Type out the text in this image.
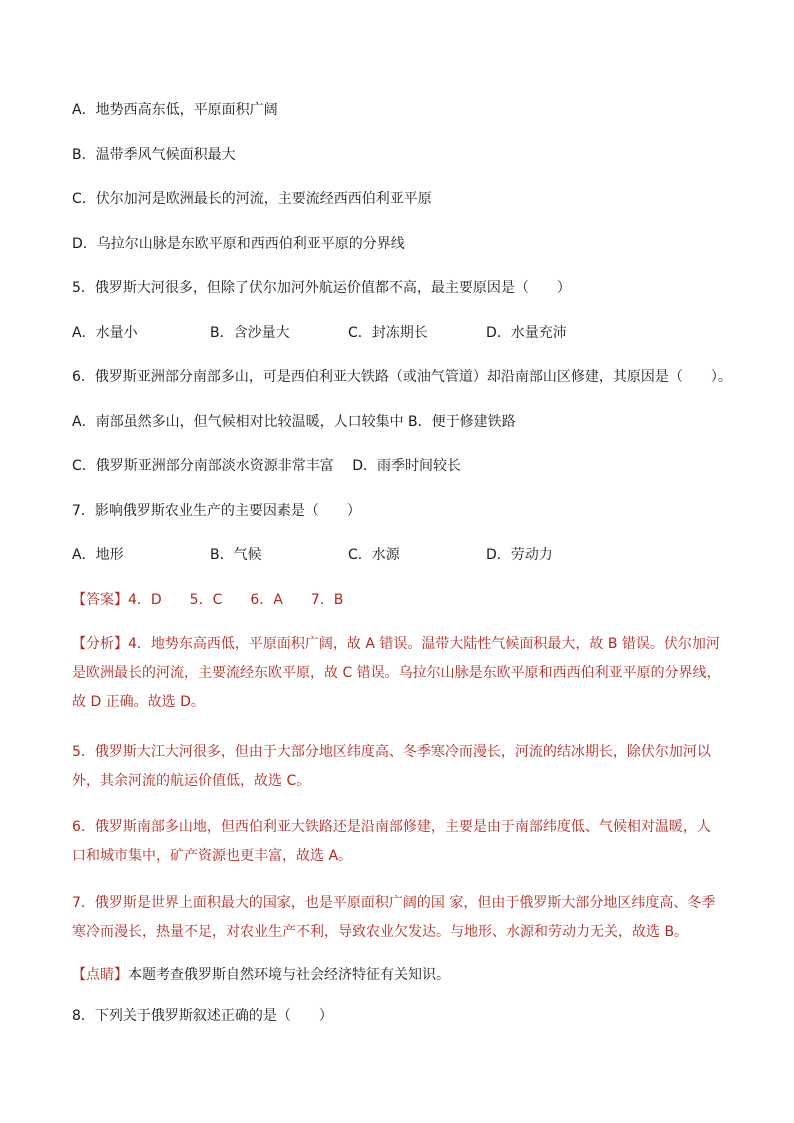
A．地势西高东低，平原面积广阔
B．温带季风气候面积最大
C．伏尔加河是欧洲最长的河流，主要流经西西伯利亚平原
D．乌拉尔山脉是东欧平原和西西伯利亚平原的分界线
5．俄罗斯大河很多，但除了伏尔加河外航运价值都不高，最主要原因是（　　）
A．水量小	B．含沙量大	C．封冻期长	D．水量充沛
6．俄罗斯亚洲部分南部多山，可是西伯利亚大铁路（或油气管道）却沿南部山区修建，其原因是（　　）。
A．南部虽然多山，但气候相对比较温暖，人口较集中 B．便于修建铁路
C．俄罗斯亚洲部分南部淡水资源非常丰富　 D．雨季时间较长
7．影响俄罗斯农业生产的主要因素是（　　）
A．地形	B．气候	C．水源	D．劳动力
【答案】4．D　　5．C　　6．A　　7．B
【分析】4．地势东高西低，平原面积广阔，故 A 错误。温带大陆性气候面积最大，故 B 错误。伏尔加河是欧洲最长的河流，主要流经东欧平原，故 C 错误。乌拉尔山脉是东欧平原和西西伯利亚平原的分界线，故 D 正确。故选 D。
5．俄罗斯大江大河很多，但由于大部分地区纬度高、冬季寒冷而漫长，河流的结冰期长，除伏尔加河以外，其余河流的航运价值低，故选 C。
6．俄罗斯南部多山地，但西伯利亚大铁路还是沿南部修建，主要是由于南部纬度低、气候相对温暖，人口和城市集中，矿产资源也更丰富，故选 A。
7．俄罗斯是世界上面积最大的国家，也是平原面积广阔的国 家，但由于俄罗斯大部分地区纬度高、冬季寒冷而漫长，热量不足，对农业生产不利，导致农业欠发达。与地形、水源和劳动力无关，故选 B。
【点睛】本题考查俄罗斯自然环境与社会经济特征有关知识。
8．下列关于俄罗斯叙述正确的是（　　）
